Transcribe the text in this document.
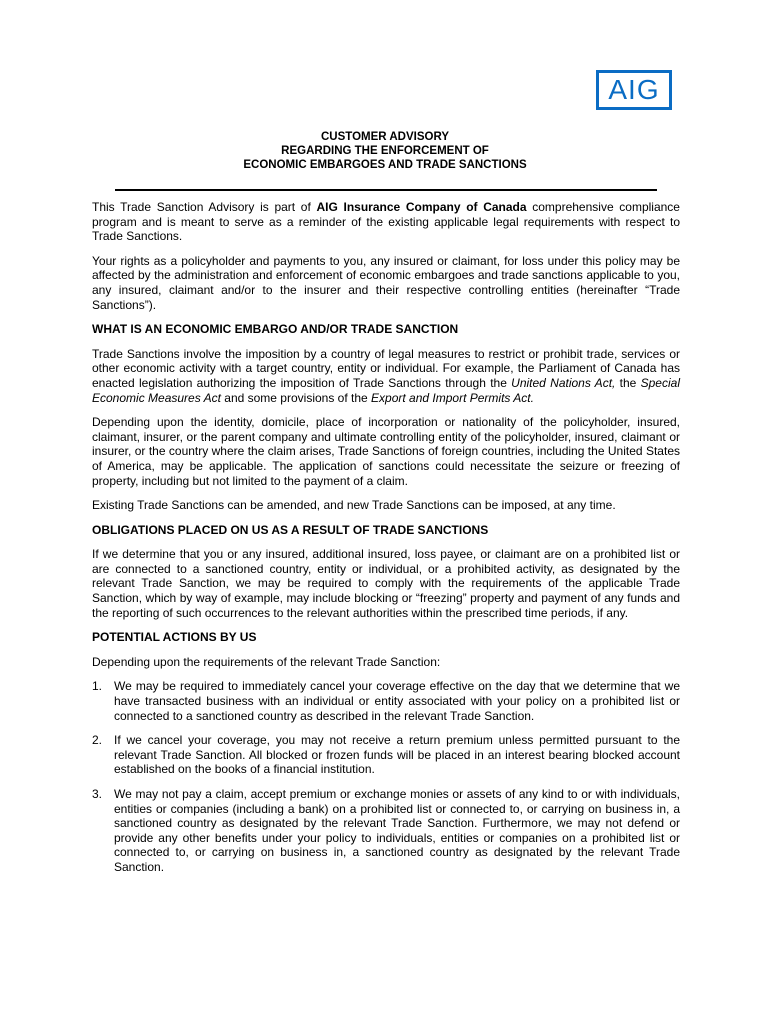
AIG
CUSTOMER ADVISORY
REGARDING THE ENFORCEMENT OF
ECONOMIC EMBARGOES AND TRADE SANCTIONS

This Trade Sanction Advisory is part of AIG Insurance Company of Canada comprehensive compliance program and is meant to serve as a reminder of the existing applicable legal requirements with respect to Trade Sanctions.

Your rights as a policyholder and payments to you, any insured or claimant, for loss under this policy may be affected by the administration and enforcement of economic embargoes and trade sanctions applicable to you, any insured, claimant and/or to the insurer and their respective controlling entities (hereinafter “Trade Sanctions”).

WHAT IS AN ECONOMIC EMBARGO AND/OR TRADE SANCTION

Trade Sanctions involve the imposition by a country of legal measures to restrict or prohibit trade, services or other economic activity with a target country, entity or individual. For example, the Parliament of Canada has enacted legislation authorizing the imposition of Trade Sanctions through the United Nations Act, the Special Economic Measures Act and some provisions of the Export and Import Permits Act.

Depending upon the identity, domicile, place of incorporation or nationality of the policyholder, insured, claimant, insurer, or the parent company and ultimate controlling entity of the policyholder, insured, claimant or insurer, or the country where the claim arises, Trade Sanctions of foreign countries, including the United States of America, may be applicable. The application of sanctions could necessitate the seizure or freezing of property, including but not limited to the payment of a claim.

Existing Trade Sanctions can be amended, and new Trade Sanctions can be imposed, at any time.

OBLIGATIONS PLACED ON US AS A RESULT OF TRADE SANCTIONS

If we determine that you or any insured, additional insured, loss payee, or claimant are on a prohibited list or are connected to a sanctioned country, entity or individual, or a prohibited activity, as designated by the relevant Trade Sanction, we may be required to comply with the requirements of the applicable Trade Sanction, which by way of example, may include blocking or “freezing” property and payment of any funds and the reporting of such occurrences to the relevant authorities within the prescribed time periods, if any.

POTENTIAL ACTIONS BY US

Depending upon the requirements of the relevant Trade Sanction:

1. We may be required to immediately cancel your coverage effective on the day that we determine that we have transacted business with an individual or entity associated with your policy on a prohibited list or connected to a sanctioned country as described in the relevant Trade Sanction.
2. If we cancel your coverage, you may not receive a return premium unless permitted pursuant to the relevant Trade Sanction. All blocked or frozen funds will be placed in an interest bearing blocked account established on the books of a financial institution.
3. We may not pay a claim, accept premium or exchange monies or assets of any kind to or with individuals, entities or companies (including a bank) on a prohibited list or connected to, or carrying on business in, a sanctioned country as designated by the relevant Trade Sanction. Furthermore, we may not defend or provide any other benefits under your policy to individuals, entities or companies on a prohibited list or connected to, or carrying on business in, a sanctioned country as designated by the relevant Trade Sanction.
